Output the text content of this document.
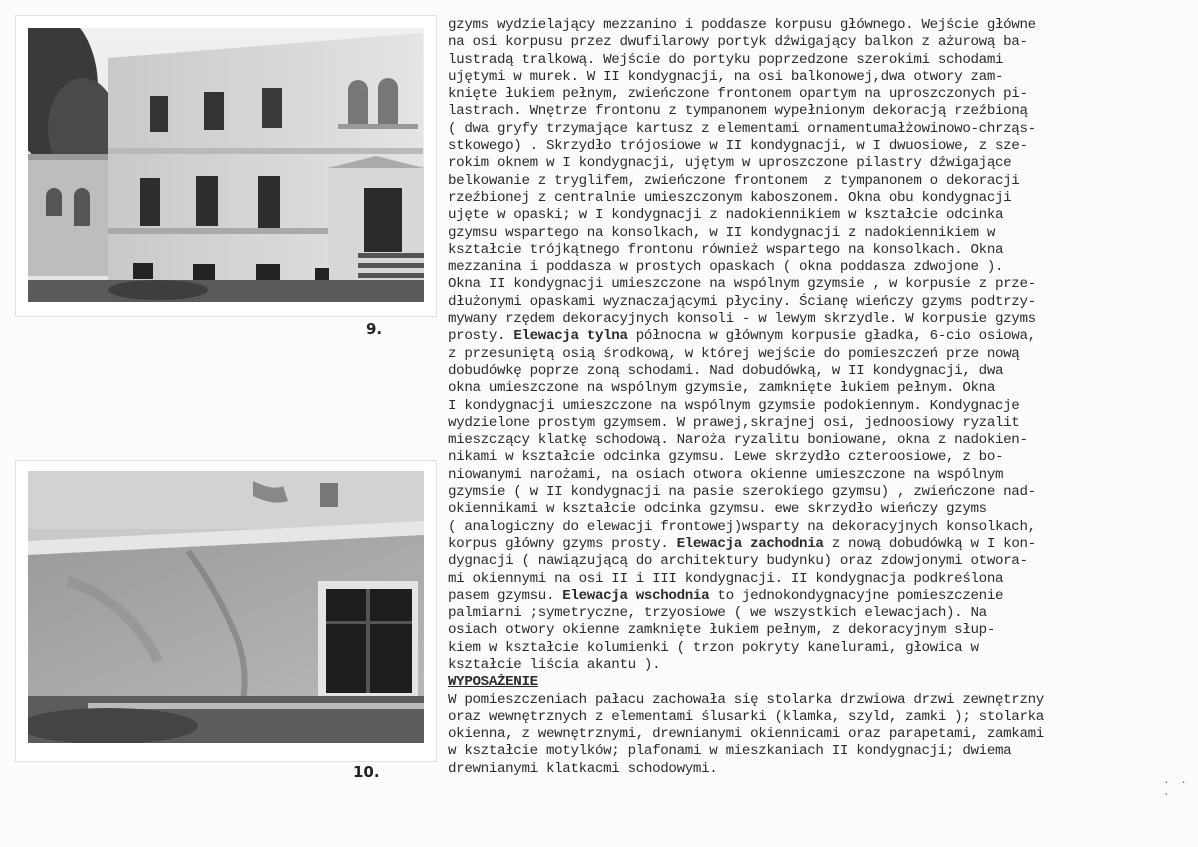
9.
10.

gzyms wydzielający mezzanino i poddasze korpusu głównego. Wejście główne

na osi korpusu przez dwufilarowy portyk dźwigający balkon z ażurową ba-

lustradą tralkową. Wejście do portyku poprzedzone szerokimi schodami

ujętymi w murek. W II kondygnacji, na osi balkonowej,dwa otwory zam-

knięte łukiem pełnym, zwieńczone frontonem opartym na uproszczonych pi-

lastrach. Wnętrze frontonu z tympanonem wypełnionym dekoracją rzeźbioną

( dwa gryfy trzymające kartusz z elementami ornamentumałżowinowo-chrząs-

stkowego) . Skrzydło trójosiowe w II kondygnacji, w I dwuosiowe, z sze-

rokim oknem w I kondygnacji, ujętym w uproszczone pilastry dźwigające

belkowanie z tryglifem, zwieńczone frontonem  z tympanonem o dekoracji

rzeźbionej z centralnie umieszczonym kaboszonem. Okna obu kondygnacji

ujęte w opaski; w I kondygnacji z nadokiennikiem w kształcie odcinka

gzymsu wspartego na konsolkach, w II kondygnacji z nadokiennikiem w

kształcie trójkątnego frontonu również wspartego na konsolkach. Okna

mezzanina i poddasza w prostych opaskach ( okna poddasza zdwojone ).

Okna II kondygnacji umieszczone na wspólnym gzymsie , w korpusie z prze-

dłużonymi opaskami wyznaczającymi płyciny. Ścianę wieńczy gzyms podtrzy-

mywany rzędem dekoracyjnych konsoli - w lewym skrzydle. W korpusie gzyms

prosty. Elewacja tylna północna w głównym korpusie gładka, 6-cio osiowa,

z przesuniętą osią środkową, w której wejście do pomieszczeń prze nową

dobudówkę poprze zoną schodami. Nad dobudówką, w II kondygnacji, dwa

okna umieszczone na wspólnym gzymsie, zamknięte łukiem pełnym. Okna

I kondygnacji umieszczone na wspólnym gzymsie podokiennym. Kondygnacje

wydzielone prostym gzymsem. W prawej,skrajnej osi, jednoosiowy ryzalit

mieszczący klatkę schodową. Naroża ryzalitu boniowane, okna z nadokien-

nikami w kształcie odcinka gzymsu. Lewe skrzydło czteroosiowe, z bo-

niowanymi narożami, na osiach otwora okienne umieszczone na wspólnym

gzymsie ( w II kondygnacji na pasie szerokiego gzymsu) , zwieńczone nad-

okiennikami w kształcie odcinka gzymsu. ewe skrzydło wieńczy gzyms

( analogiczny do elewacji frontowej)wsparty na dekoracyjnych konsolkach,

korpus główny gzyms prosty. Elewacja zachodnia z nową dobudówką w I kon-

dygnacji ( nawiązującą do architektury budynku) oraz zdowjonymi otwora-

mi okiennymi na osi II i III kondygnacji. II kondygnacja podkreślona

pasem gzymsu. Elewacja wschodnia to jednokondygnacyjne pomieszczenie

palmiarni ;symetryczne, trzyosiowe ( we wszystkich elewacjach). Na

osiach otwory okienne zamknięte łukiem pełnym, z dekoracyjnym słup-

kiem w kształcie kolumienki ( trzon pokryty kanelurami, głowica w

kształcie liścia akantu ).

WYPOSAŻENIE

W pomieszczeniach pałacu zachowała się stolarka drzwiowa drzwi zewnętrzny

oraz wewnętrznych z elementami ślusarki (klamka, szyld, zamki ); stolarka

okienna, z wewnętrznymi, drewnianymi okiennicami oraz parapetami, zamkami

w kształcie motylków; plafonami w mieszkaniach II kondygnacji; dwiema

drewnianymi klatkacmi schodowymi.

. . .
